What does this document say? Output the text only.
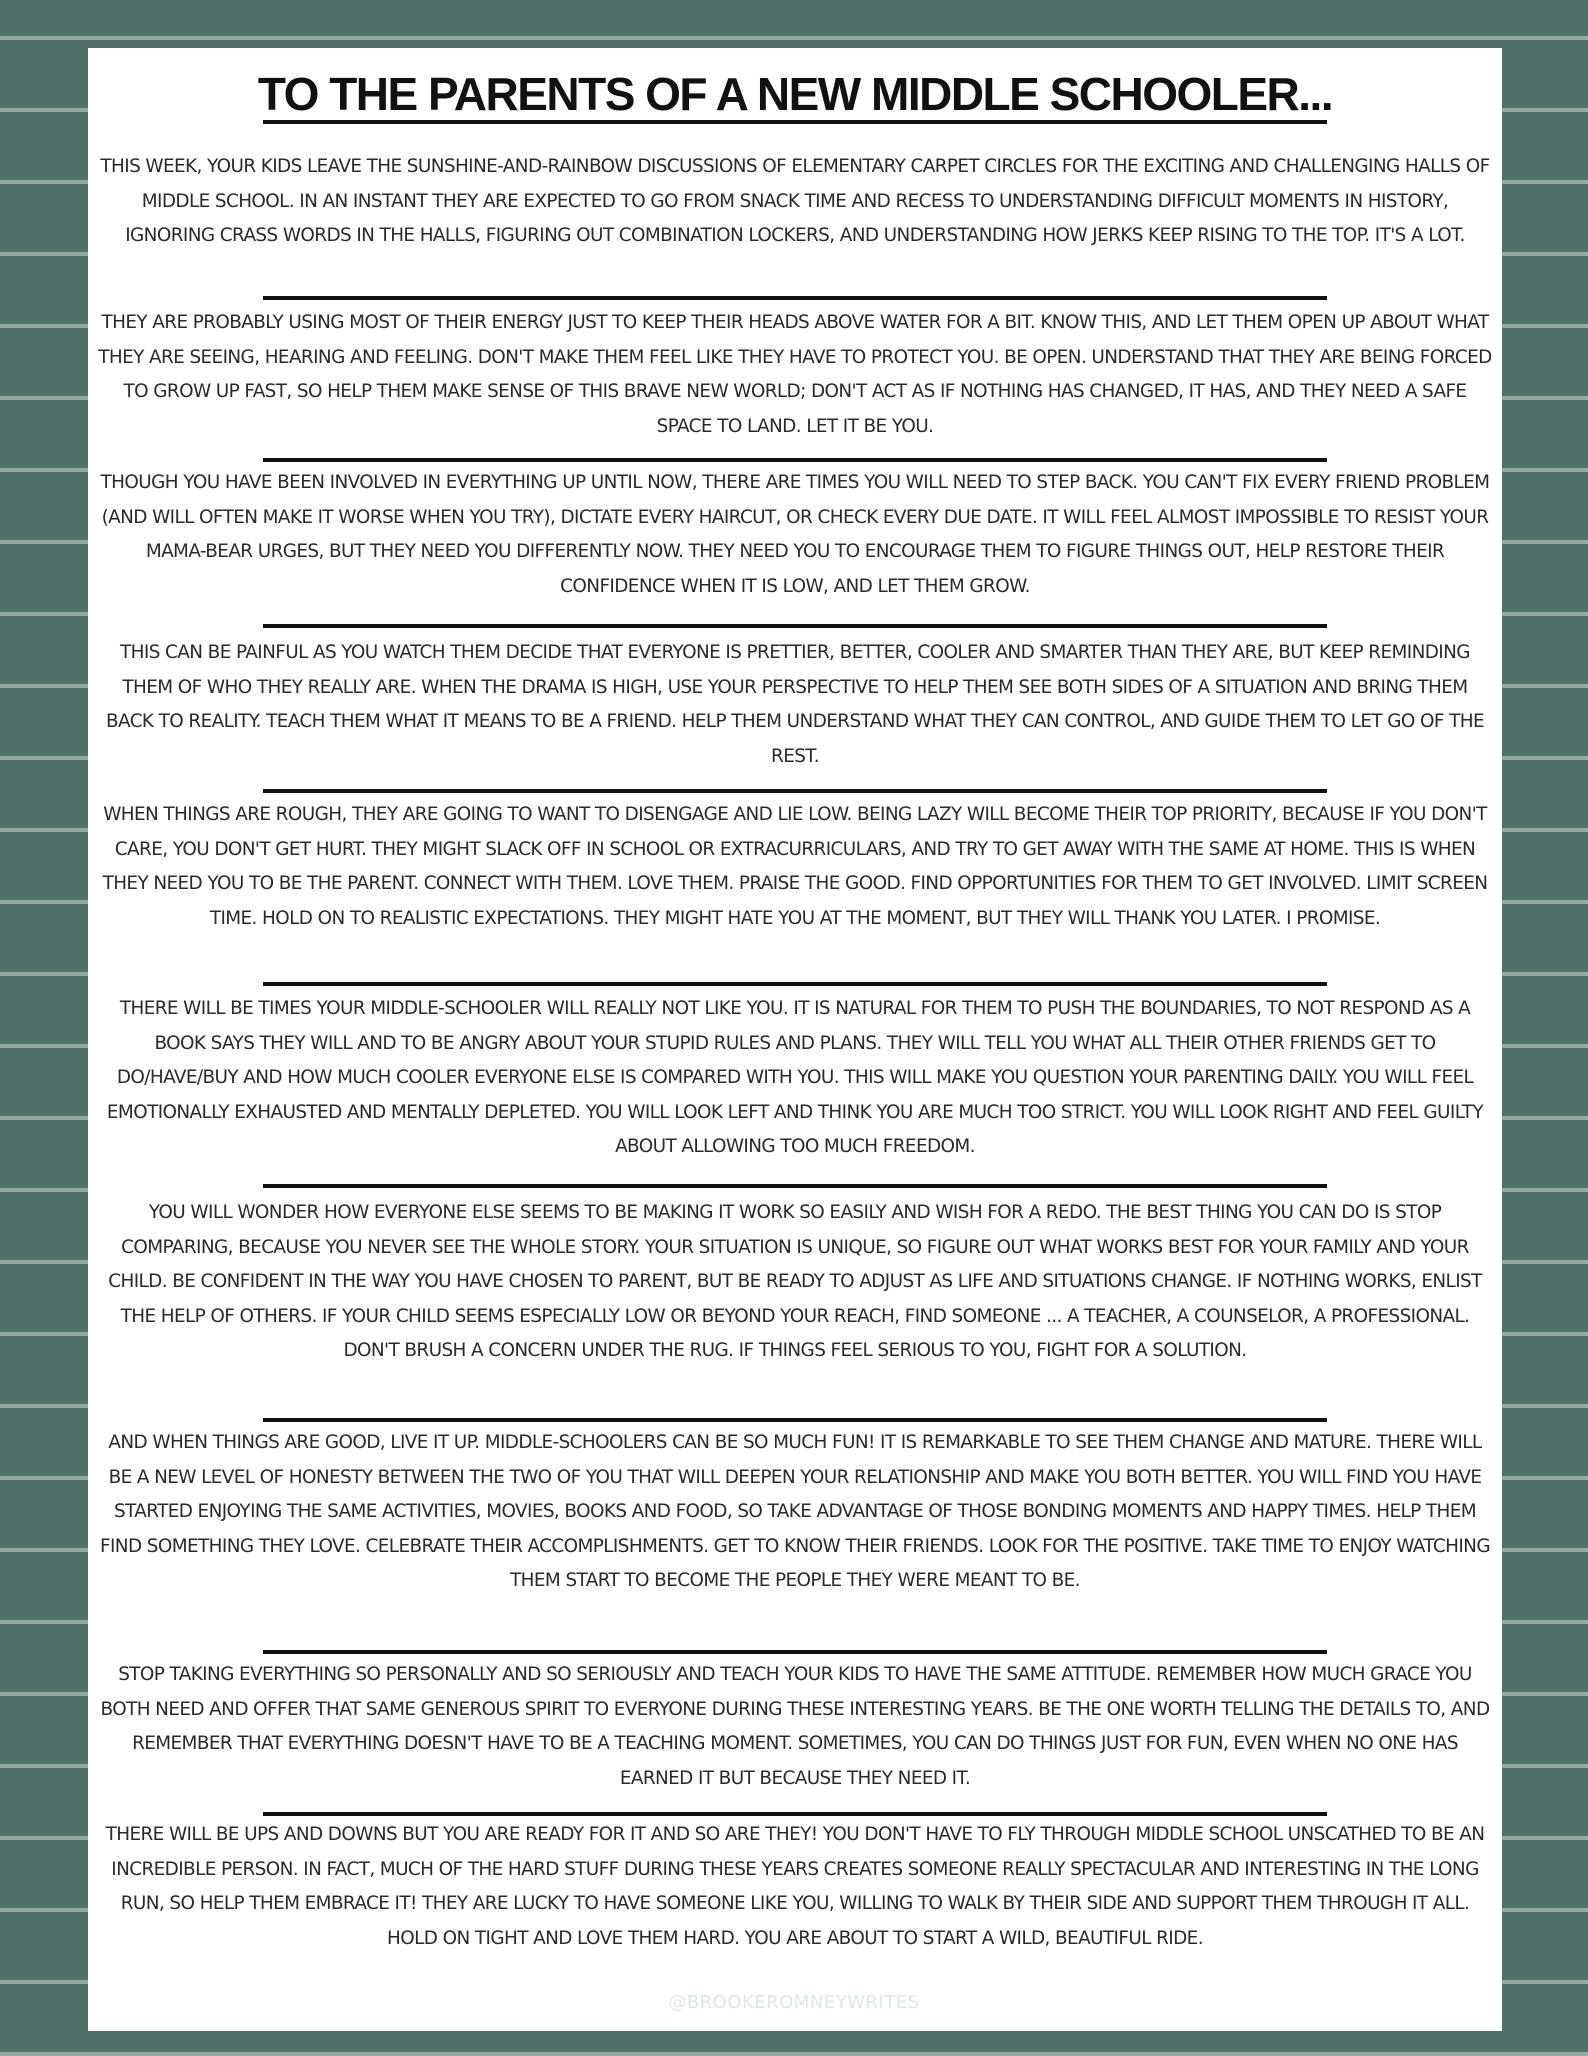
TO THE PARENTS OF A NEW MIDDLE SCHOOLER...

THIS WEEK, YOUR KIDS LEAVE THE SUNSHINE-AND-RAINBOW DISCUSSIONS OF ELEMENTARY CARPET CIRCLES FOR THE EXCITING AND CHALLENGING HALLS OF MIDDLE SCHOOL. IN AN INSTANT THEY ARE EXPECTED TO GO FROM SNACK TIME AND RECESS TO UNDERSTANDING DIFFICULT MOMENTS IN HISTORY, IGNORING CRASS WORDS IN THE HALLS, FIGURING OUT COMBINATION LOCKERS, AND UNDERSTANDING HOW JERKS KEEP RISING TO THE TOP. IT'S A LOT.

THEY ARE PROBABLY USING MOST OF THEIR ENERGY JUST TO KEEP THEIR HEADS ABOVE WATER FOR A BIT. KNOW THIS, AND LET THEM OPEN UP ABOUT WHAT THEY ARE SEEING, HEARING AND FEELING. DON'T MAKE THEM FEEL LIKE THEY HAVE TO PROTECT YOU. BE OPEN. UNDERSTAND THAT THEY ARE BEING FORCED TO GROW UP FAST, SO HELP THEM MAKE SENSE OF THIS BRAVE NEW WORLD; DON'T ACT AS IF NOTHING HAS CHANGED, IT HAS, AND THEY NEED A SAFE SPACE TO LAND. LET IT BE YOU.

THOUGH YOU HAVE BEEN INVOLVED IN EVERYTHING UP UNTIL NOW, THERE ARE TIMES YOU WILL NEED TO STEP BACK. YOU CAN'T FIX EVERY FRIEND PROBLEM (AND WILL OFTEN MAKE IT WORSE WHEN YOU TRY), DICTATE EVERY HAIRCUT, OR CHECK EVERY DUE DATE. IT WILL FEEL ALMOST IMPOSSIBLE TO RESIST YOUR MAMA-BEAR URGES, BUT THEY NEED YOU DIFFERENTLY NOW. THEY NEED YOU TO ENCOURAGE THEM TO FIGURE THINGS OUT, HELP RESTORE THEIR CONFIDENCE WHEN IT IS LOW, AND LET THEM GROW.

THIS CAN BE PAINFUL AS YOU WATCH THEM DECIDE THAT EVERYONE IS PRETTIER, BETTER, COOLER AND SMARTER THAN THEY ARE, BUT KEEP REMINDING THEM OF WHO THEY REALLY ARE. WHEN THE DRAMA IS HIGH, USE YOUR PERSPECTIVE TO HELP THEM SEE BOTH SIDES OF A SITUATION AND BRING THEM BACK TO REALITY. TEACH THEM WHAT IT MEANS TO BE A FRIEND. HELP THEM UNDERSTAND WHAT THEY CAN CONTROL, AND GUIDE THEM TO LET GO OF THE REST.

WHEN THINGS ARE ROUGH, THEY ARE GOING TO WANT TO DISENGAGE AND LIE LOW. BEING LAZY WILL BECOME THEIR TOP PRIORITY, BECAUSE IF YOU DON'T CARE, YOU DON'T GET HURT. THEY MIGHT SLACK OFF IN SCHOOL OR EXTRACURRICULARS, AND TRY TO GET AWAY WITH THE SAME AT HOME. THIS IS WHEN THEY NEED YOU TO BE THE PARENT. CONNECT WITH THEM. LOVE THEM. PRAISE THE GOOD. FIND OPPORTUNITIES FOR THEM TO GET INVOLVED. LIMIT SCREEN TIME. HOLD ON TO REALISTIC EXPECTATIONS. THEY MIGHT HATE YOU AT THE MOMENT, BUT THEY WILL THANK YOU LATER. I PROMISE.

THERE WILL BE TIMES YOUR MIDDLE-SCHOOLER WILL REALLY NOT LIKE YOU. IT IS NATURAL FOR THEM TO PUSH THE BOUNDARIES, TO NOT RESPOND AS A BOOK SAYS THEY WILL AND TO BE ANGRY ABOUT YOUR STUPID RULES AND PLANS. THEY WILL TELL YOU WHAT ALL THEIR OTHER FRIENDS GET TO DO/HAVE/BUY AND HOW MUCH COOLER EVERYONE ELSE IS COMPARED WITH YOU. THIS WILL MAKE YOU QUESTION YOUR PARENTING DAILY. YOU WILL FEEL EMOTIONALLY EXHAUSTED AND MENTALLY DEPLETED. YOU WILL LOOK LEFT AND THINK YOU ARE MUCH TOO STRICT. YOU WILL LOOK RIGHT AND FEEL GUILTY ABOUT ALLOWING TOO MUCH FREEDOM.

YOU WILL WONDER HOW EVERYONE ELSE SEEMS TO BE MAKING IT WORK SO EASILY AND WISH FOR A REDO. THE BEST THING YOU CAN DO IS STOP COMPARING, BECAUSE YOU NEVER SEE THE WHOLE STORY. YOUR SITUATION IS UNIQUE, SO FIGURE OUT WHAT WORKS BEST FOR YOUR FAMILY AND YOUR CHILD. BE CONFIDENT IN THE WAY YOU HAVE CHOSEN TO PARENT, BUT BE READY TO ADJUST AS LIFE AND SITUATIONS CHANGE. IF NOTHING WORKS, ENLIST THE HELP OF OTHERS. IF YOUR CHILD SEEMS ESPECIALLY LOW OR BEYOND YOUR REACH, FIND SOMEONE ... A TEACHER, A COUNSELOR, A PROFESSIONAL. DON'T BRUSH A CONCERN UNDER THE RUG. IF THINGS FEEL SERIOUS TO YOU, FIGHT FOR A SOLUTION.

AND WHEN THINGS ARE GOOD, LIVE IT UP. MIDDLE-SCHOOLERS CAN BE SO MUCH FUN! IT IS REMARKABLE TO SEE THEM CHANGE AND MATURE. THERE WILL BE A NEW LEVEL OF HONESTY BETWEEN THE TWO OF YOU THAT WILL DEEPEN YOUR RELATIONSHIP AND MAKE YOU BOTH BETTER. YOU WILL FIND YOU HAVE STARTED ENJOYING THE SAME ACTIVITIES, MOVIES, BOOKS AND FOOD, SO TAKE ADVANTAGE OF THOSE BONDING MOMENTS AND HAPPY TIMES. HELP THEM FIND SOMETHING THEY LOVE. CELEBRATE THEIR ACCOMPLISHMENTS. GET TO KNOW THEIR FRIENDS. LOOK FOR THE POSITIVE. TAKE TIME TO ENJOY WATCHING THEM START TO BECOME THE PEOPLE THEY WERE MEANT TO BE.

STOP TAKING EVERYTHING SO PERSONALLY AND SO SERIOUSLY AND TEACH YOUR KIDS TO HAVE THE SAME ATTITUDE. REMEMBER HOW MUCH GRACE YOU BOTH NEED AND OFFER THAT SAME GENEROUS SPIRIT TO EVERYONE DURING THESE INTERESTING YEARS. BE THE ONE WORTH TELLING THE DETAILS TO, AND REMEMBER THAT EVERYTHING DOESN'T HAVE TO BE A TEACHING MOMENT. SOMETIMES, YOU CAN DO THINGS JUST FOR FUN, EVEN WHEN NO ONE HAS EARNED IT BUT BECAUSE THEY NEED IT.

THERE WILL BE UPS AND DOWNS BUT YOU ARE READY FOR IT AND SO ARE THEY! YOU DON'T HAVE TO FLY THROUGH MIDDLE SCHOOL UNSCATHED TO BE AN INCREDIBLE PERSON. IN FACT, MUCH OF THE HARD STUFF DURING THESE YEARS CREATES SOMEONE REALLY SPECTACULAR AND INTERESTING IN THE LONG RUN, SO HELP THEM EMBRACE IT! THEY ARE LUCKY TO HAVE SOMEONE LIKE YOU, WILLING TO WALK BY THEIR SIDE AND SUPPORT THEM THROUGH IT ALL. HOLD ON TIGHT AND LOVE THEM HARD. YOU ARE ABOUT TO START A WILD, BEAUTIFUL RIDE.

@BROOKEROMNEYWRITES
